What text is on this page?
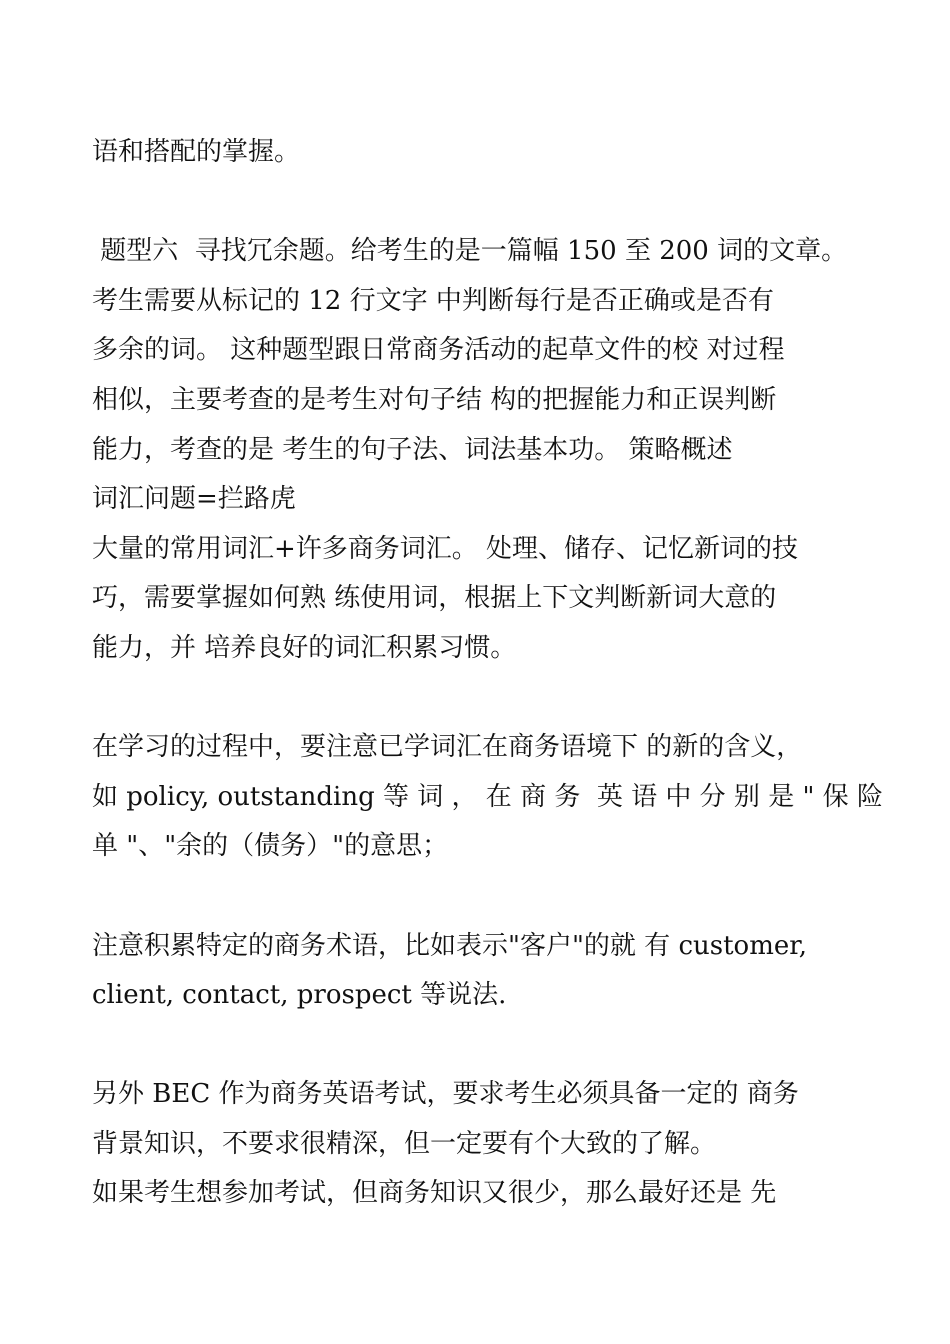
语和搭配的掌握。
题型六  寻找冗余题。给考生的是一篇幅 150 至 200 词的文章。
考生需要从标记的 12 行文字 中判断每行是否正确或是否有
多余的词。 这种题型跟日常商务活动的起草文件的校 对过程
相似，主要考查的是考生对句子结 构的把握能力和正误判断
能力，考查的是 考生的句子法、词法基本功。 策略概述
词汇问题=拦路虎
大量的常用词汇+许多商务词汇。 处理、储存、记忆新词的技
巧，需要掌握如何熟 练使用词，根据上下文判断新词大意的
能力，并 培养良好的词汇积累习惯。
在学习的过程中，要注意已学词汇在商务语境下 的新的含义，
如 policy, outstanding 等 词 ， 在 商 务  英 语 中 分 别 是 " 保 险
单 "、"余的（债务）"的意思；
注意积累特定的商务术语，比如表示"客户"的就 有 customer,
client, contact, prospect 等说法.
另外 BEC 作为商务英语考试，要求考生必须具备一定的 商务
背景知识，不要求很精深，但一定要有个大致的了解。
如果考生想参加考试，但商务知识又很少，那么最好还是 先
